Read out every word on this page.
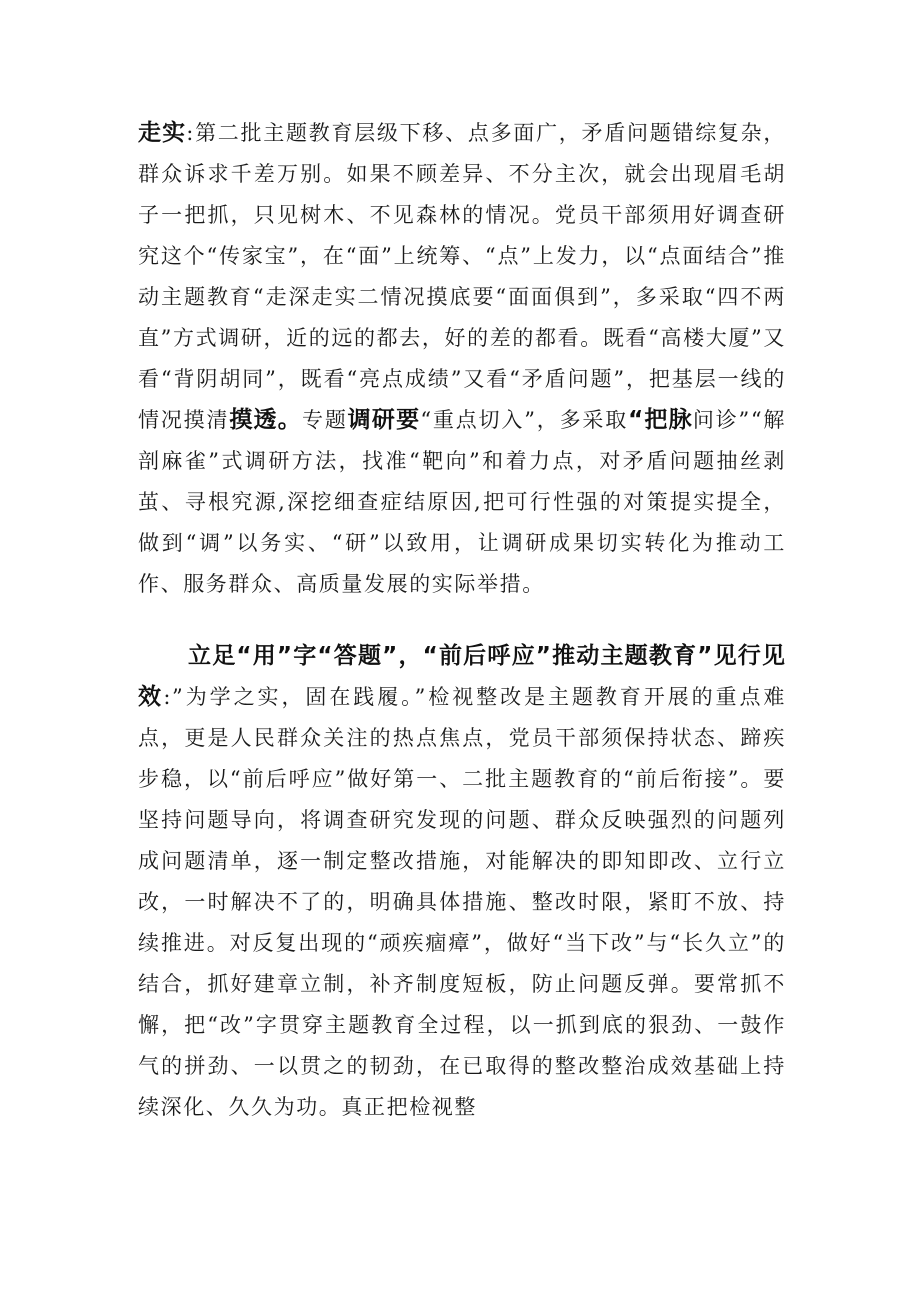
走实:第二批主题教育层级下移、点多面广，矛盾问题错综复杂，群众诉求千差万别。如果不顾差异、不分主次，就会出现眉毛胡子一把抓，只见树木、不见森林的情况。党员干部须用好调查研究这个“传家宝”，在“面”上统筹、“点”上发力，以“点面结合”推动主题教育“走深走实二情况摸底要“面面俱到”，多采取“四不两直”方式调研，近的远的都去，好的差的都看。既看“高楼大厦”又看“背阴胡同”，既看“亮点成绩”又看“矛盾问题”，把基层一线的情况摸清摸透。专题调研要“重点切入”，多采取“把脉问诊”“解剖麻雀”式调研方法，找准“靶向”和着力点，对矛盾问题抽丝剥茧、寻根究源,深挖细查症结原因,把可行性强的对策提实提全，做到“调”以务实、“研”以致用，让调研成果切实转化为推动工作、服务群众、高质量发展的实际举措。

立足“用”字“答题”，“前后呼应”推动主题教育”见行见效:”为学之实，固在践履。”检视整改是主题教育开展的重点难点，更是人民群众关注的热点焦点，党员干部须保持状态、蹄疾步稳，以“前后呼应”做好第一、二批主题教育的“前后衔接”。要坚持问题导向，将调查研究发现的问题、群众反映强烈的问题列成问题清单，逐一制定整改措施，对能解决的即知即改、立行立改，一时解决不了的，明确具体措施、整改时限，紧盯不放、持续推进。对反复出现的“顽疾痼瘴”，做好“当下改”与“长久立”的结合，抓好建章立制，补齐制度短板，防止问题反弹。要常抓不懈，把“改”字贯穿主题教育全过程，以一抓到底的狠劲、一鼓作气的拼劲、一以贯之的韧劲，在已取得的整改整治成效基础上持续深化、久久为功。真正把检视整
